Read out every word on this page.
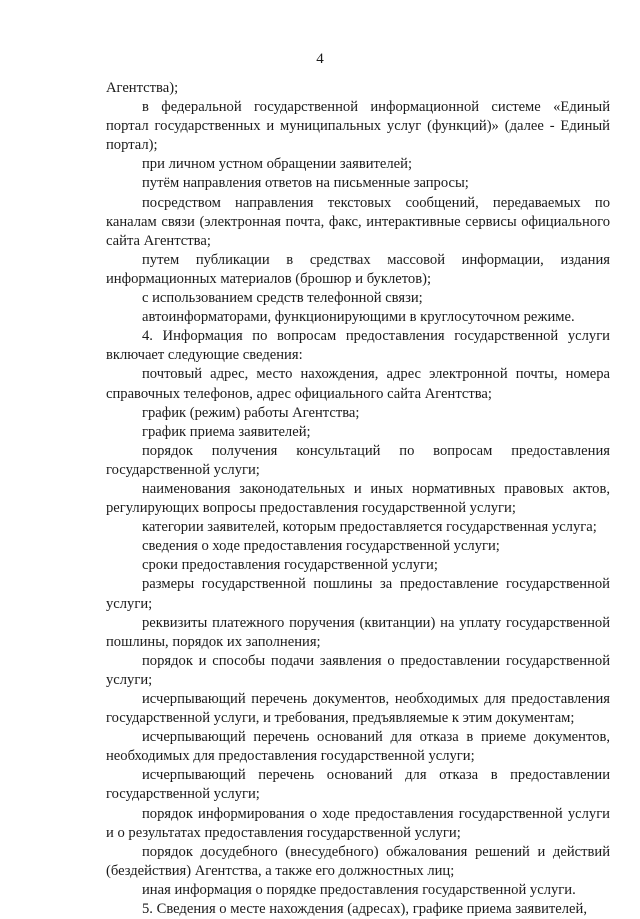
4

Агентства);

в федеральной государственной информационной системе «Единый портал государственных и муниципальных услуг (функций)» (далее - Единый портал);

при личном устном обращении заявителей;

путём направления ответов на письменные запросы;

посредством направления текстовых сообщений, передаваемых по каналам связи (электронная почта, факс, интерактивные сервисы официального сайта Агентства;

путем публикации в средствах массовой информации, издания информационных материалов (брошюр и буклетов);

с использованием средств телефонной связи;

автоинформаторами, функционирующими в круглосуточном режиме.

4. Информация по вопросам предоставления государственной услуги включает следующие сведения:

почтовый адрес, место нахождения, адрес электронной почты, номера справочных телефонов, адрес официального сайта Агентства;

график (режим) работы Агентства;

график приема заявителей;

порядок получения консультаций по вопросам предоставления государственной услуги;

наименования законодательных и иных нормативных правовых актов, регулирующих вопросы предоставления государственной услуги;

категории заявителей, которым предоставляется государственная услуга;

сведения о ходе предоставления государственной услуги;

сроки предоставления государственной услуги;

размеры государственной пошлины за предоставление государственной услуги;

реквизиты платежного поручения (квитанции) на уплату государственной пошлины, порядок их заполнения;

порядок и способы подачи заявления о предоставлении государственной услуги;

исчерпывающий перечень документов, необходимых для предоставления государственной услуги, и требования, предъявляемые к этим документам;

исчерпывающий перечень оснований для отказа в приеме документов, необходимых для предоставления государственной услуги;

исчерпывающий перечень оснований для отказа в предоставлении государственной услуги;

порядок информирования о ходе предоставления государственной услуги и о результатах предоставления государственной услуги;

порядок досудебного (внесудебного) обжалования решений и действий (бездействия) Агентства, а также его должностных лиц;

иная информация о порядке предоставления государственной услуги.

5. Сведения о месте нахождения (адресах), графике приема заявителей,
